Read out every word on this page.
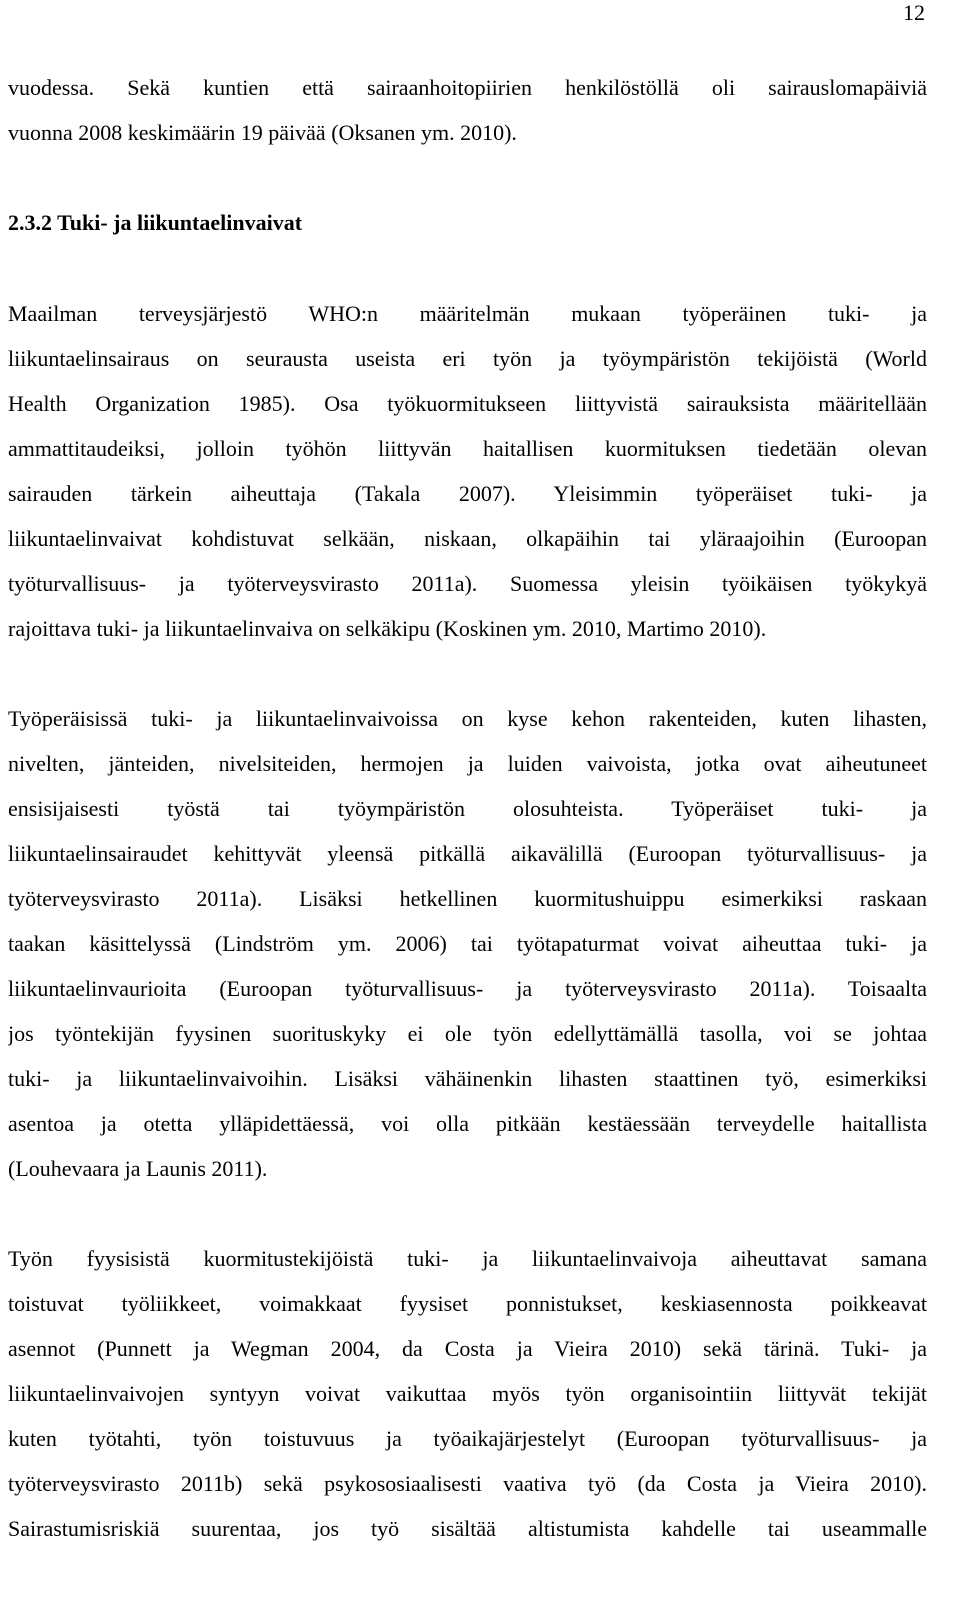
12
vuodessa. Sekä kuntien että sairaanhoitopiirien henkilöstöllä oli sairauslomapäiviä
vuonna 2008 keskimäärin 19 päivää (Oksanen ym. 2010).
2.3.2 Tuki- ja liikuntaelinvaivat
Maailman terveysjärjestö WHO:n määritelmän mukaan työperäinen tuki- ja
liikuntaelinsairaus on seurausta useista eri työn ja työympäristön tekijöistä (World
Health Organization 1985). Osa työkuormitukseen liittyvistä sairauksista määritellään
ammattitaudeiksi, jolloin työhön liittyvän haitallisen kuormituksen tiedetään olevan
sairauden tärkein aiheuttaja (Takala 2007). Yleisimmin työperäiset tuki- ja
liikuntaelinvaivat kohdistuvat selkään, niskaan, olkapäihin tai yläraajoihin (Euroopan
työturvallisuus- ja työterveysvirasto 2011a). Suomessa yleisin työikäisen työkykyä
rajoittava tuki- ja liikuntaelinvaiva on selkäkipu (Koskinen ym. 2010, Martimo 2010).
Työperäisissä tuki- ja liikuntaelinvaivoissa on kyse kehon rakenteiden, kuten lihasten,
nivelten, jänteiden, nivelsiteiden, hermojen ja luiden vaivoista, jotka ovat aiheutuneet
ensisijaisesti työstä tai työympäristön olosuhteista. Työperäiset tuki- ja
liikuntaelinsairaudet kehittyvät yleensä pitkällä aikavälillä (Euroopan työturvallisuus- ja
työterveysvirasto 2011a). Lisäksi hetkellinen kuormitushuippu esimerkiksi raskaan
taakan käsittelyssä (Lindström ym. 2006) tai työtapaturmat voivat aiheuttaa tuki- ja
liikuntaelinvaurioita (Euroopan työturvallisuus- ja työterveysvirasto 2011a). Toisaalta
jos työntekijän fyysinen suorituskyky ei ole työn edellyttämällä tasolla, voi se johtaa
tuki- ja liikuntaelinvaivoihin. Lisäksi vähäinenkin lihasten staattinen työ, esimerkiksi
asentoa ja otetta ylläpidettäessä, voi olla pitkään kestäessään terveydelle haitallista
(Louhevaara ja Launis 2011).
Työn fyysisistä kuormitustekijöistä tuki- ja liikuntaelinvaivoja aiheuttavat samana
toistuvat työliikkeet, voimakkaat fyysiset ponnistukset, keskiasennosta poikkeavat
asennot (Punnett ja Wegman 2004, da Costa ja Vieira 2010) sekä tärinä. Tuki- ja
liikuntaelinvaivojen syntyyn voivat vaikuttaa myös työn organisointiin liittyvät tekijät
kuten työtahti, työn toistuvuus ja työaikajärjestelyt (Euroopan työturvallisuus- ja
työterveysvirasto 2011b) sekä psykososiaalisesti vaativa työ (da Costa ja Vieira 2010).
Sairastumisriskiä suurentaa, jos työ sisältää altistumista kahdelle tai useammalle
